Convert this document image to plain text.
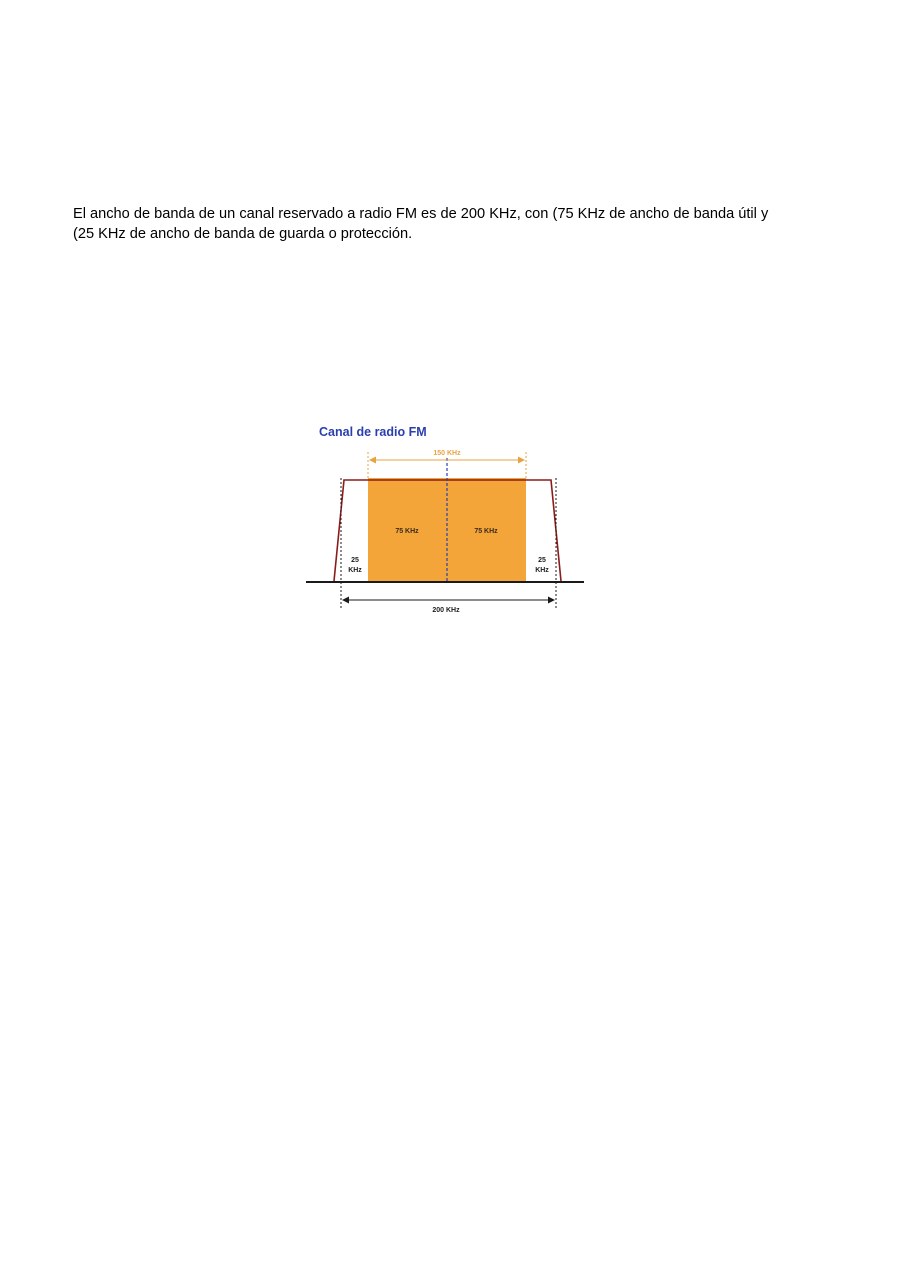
El ancho de banda de un canal reservado a radio FM es de 200 KHz, con (75 KHz de ancho de banda útil y
(25 KHz de ancho de banda de guarda o protección.

Canal de radio FM
150 KHz
75 KHz	75 KHz
25
KHz
25
KHz
200 KHz
